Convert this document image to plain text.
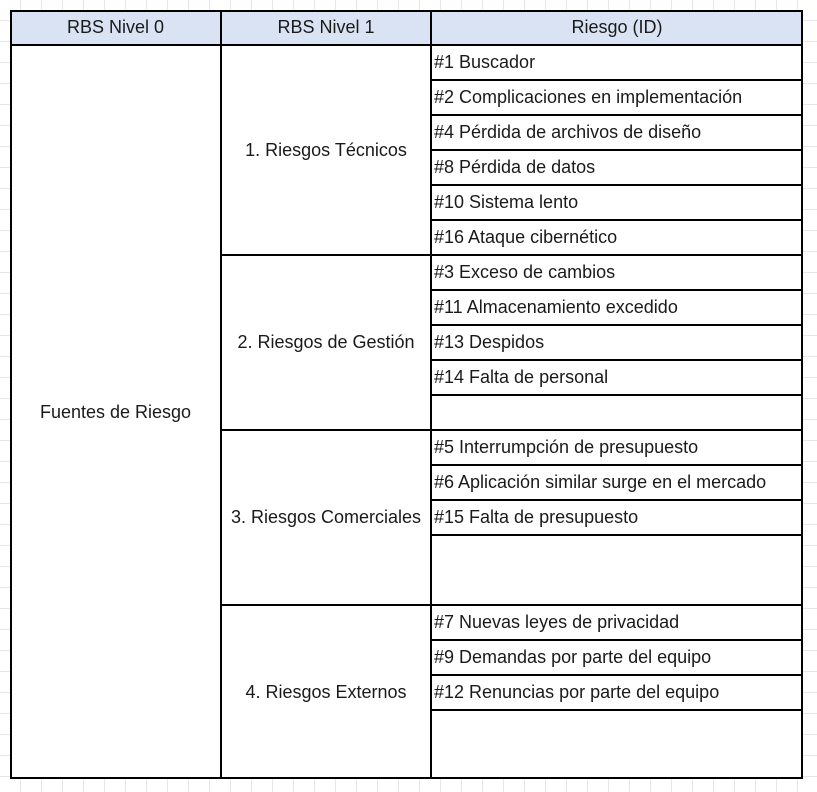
RBS Nivel 0	RBS Nivel 1	Riesgo (ID)
Fuentes de Riesgo
1. Riesgos Técnicos
2. Riesgos de Gestión
3. Riesgos Comerciales
4. Riesgos Externos
#1 Buscador
#2 Complicaciones en implementación
#4 Pérdida de archivos de diseño
#8 Pérdida de datos
#10 Sistema lento
#16 Ataque cibernético
#3 Exceso de cambios
#11 Almacenamiento excedido
#13 Despidos
#14 Falta de personal
#5 Interrumpción de presupuesto
#6 Aplicación similar surge en el mercado
#15 Falta de presupuesto
#7 Nuevas leyes de privacidad
#9 Demandas por parte del equipo
#12 Renuncias por parte del equipo
